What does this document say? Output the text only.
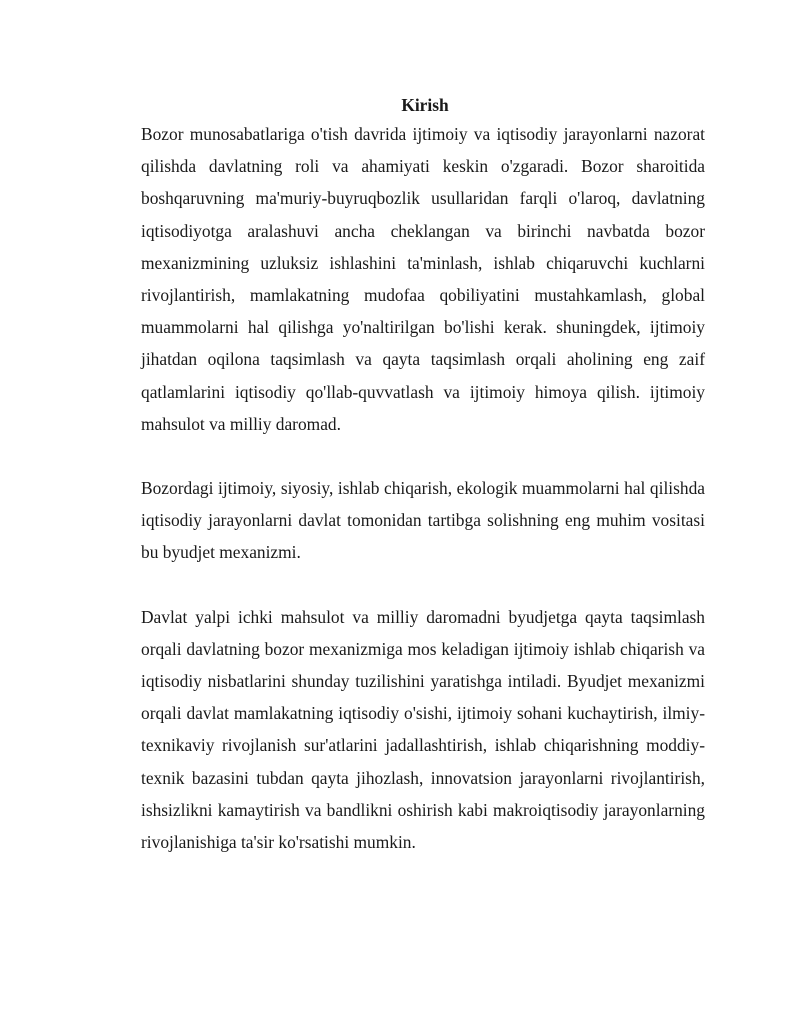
Kirish

Bozor munosabatlariga o'tish davrida ijtimoiy va iqtisodiy jarayonlarni nazorat qilishda davlatning roli va ahamiyati keskin o'zgaradi. Bozor sharoitida boshqaruvning ma'muriy-buyruqbozlik usullaridan farqli o'laroq, davlatning iqtisodiyotga aralashuvi ancha cheklangan va birinchi navbatda bozor mexanizmining uzluksiz ishlashini ta'minlash, ishlab chiqaruvchi kuchlarni rivojlantirish, mamlakatning mudofaa qobiliyatini mustahkamlash, global muammolarni hal qilishga yo'naltirilgan bo'lishi kerak. shuningdek, ijtimoiy jihatdan oqilona taqsimlash va qayta taqsimlash orqali aholining eng zaif qatlamlarini iqtisodiy qo'llab-quvvatlash va ijtimoiy himoya qilish. ijtimoiy mahsulot va milliy daromad.

Bozordagi ijtimoiy, siyosiy, ishlab chiqarish, ekologik muammolarni hal qilishda iqtisodiy jarayonlarni davlat tomonidan tartibga solishning eng muhim vositasi bu byudjet mexanizmi.

Davlat yalpi ichki mahsulot va milliy daromadni byudjetga qayta taqsimlash orqali davlatning bozor mexanizmiga mos keladigan ijtimoiy ishlab chiqarish va iqtisodiy nisbatlarini shunday tuzilishini yaratishga intiladi. Byudjet mexanizmi orqali davlat mamlakatning iqtisodiy o'sishi, ijtimoiy sohani kuchaytirish, ilmiy-texnikaviy rivojlanish sur'atlarini jadallashtirish, ishlab chiqarishning moddiy-texnik bazasini tubdan qayta jihozlash, innovatsion jarayonlarni rivojlantirish, ishsizlikni kamaytirish va bandlikni oshirish kabi makroiqtisodiy jarayonlarning rivojlanishiga ta'sir ko'rsatishi mumkin.
